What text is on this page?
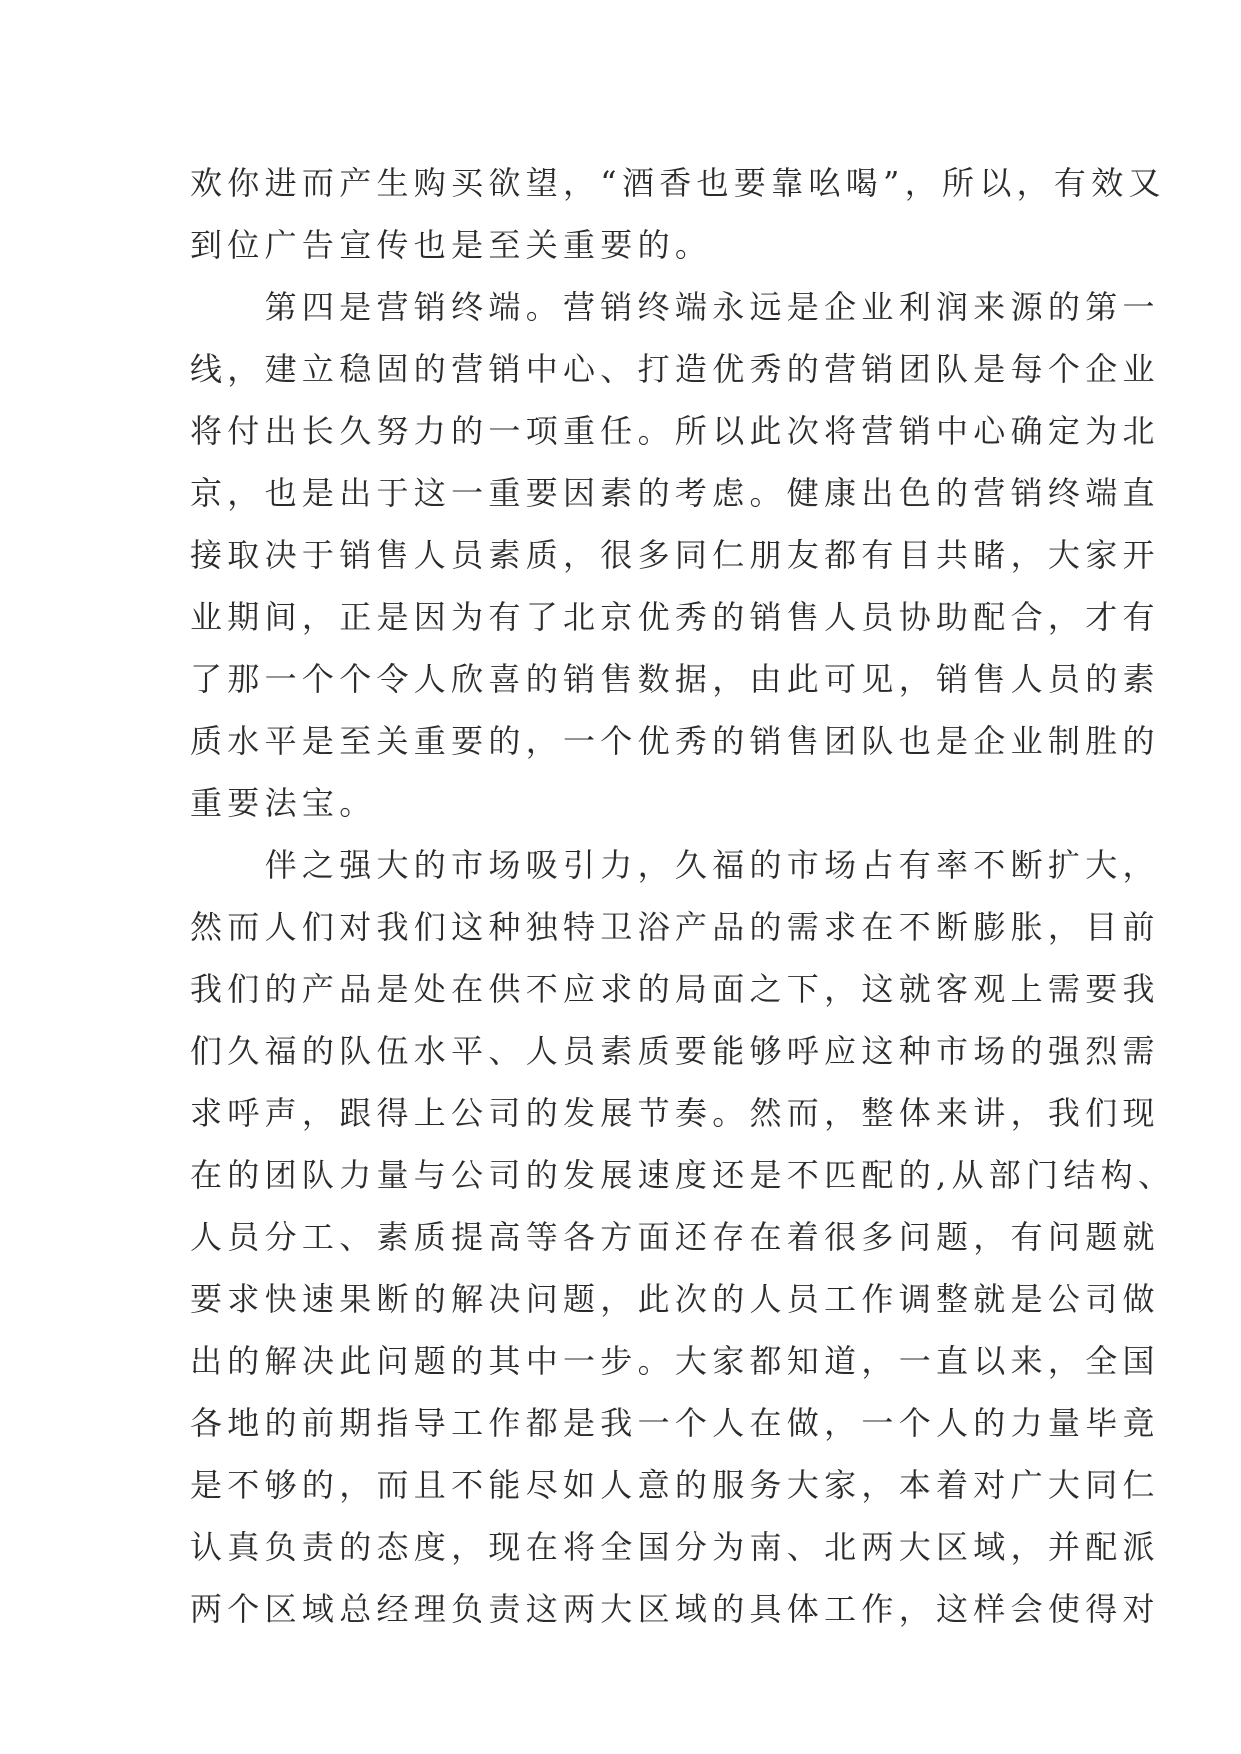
欢你进而产生购买欲望，“酒香也要靠吆喝”，所以，有效又
到位广告宣传也是至关重要的。

　　第四是营销终端。营销终端永远是企业利润来源的第一
线，建立稳固的营销中心、打造优秀的营销团队是每个企业
将付出长久努力的一项重任。所以此次将营销中心确定为北
京，也是出于这一重要因素的考虑。健康出色的营销终端直
接取决于销售人员素质，很多同仁朋友都有目共睹，大家开
业期间，正是因为有了北京优秀的销售人员协助配合，才有
了那一个个令人欣喜的销售数据，由此可见，销售人员的素
质水平是至关重要的，一个优秀的销售团队也是企业制胜的
重要法宝。

　　伴之强大的市场吸引力，久福的市场占有率不断扩大，
然而人们对我们这种独特卫浴产品的需求在不断膨胀，目前
我们的产品是处在供不应求的局面之下，这就客观上需要我
们久福的队伍水平、人员素质要能够呼应这种市场的强烈需
求呼声，跟得上公司的发展节奏。然而，整体来讲，我们现
在的团队力量与公司的发展速度还是不匹配的,从部门结构、
人员分工、素质提高等各方面还存在着很多问题，有问题就
要求快速果断的解决问题，此次的人员工作调整就是公司做
出的解决此问题的其中一步。大家都知道，一直以来，全国
各地的前期指导工作都是我一个人在做，一个人的力量毕竟
是不够的，而且不能尽如人意的服务大家，本着对广大同仁
认真负责的态度，现在将全国分为南、北两大区域，并配派
两个区域总经理负责这两大区域的具体工作，这样会使得对
